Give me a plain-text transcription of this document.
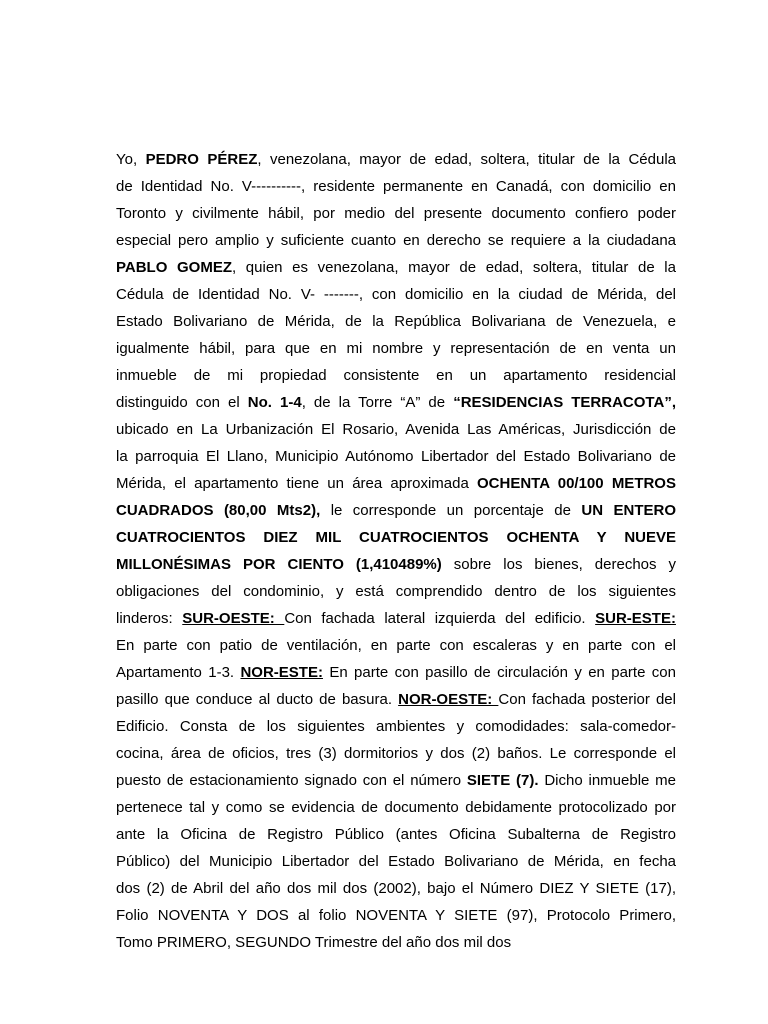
Yo, PEDRO PÉREZ, venezolana, mayor de edad, soltera, titular de la Cédula
de Identidad No. V----------, residente permanente en Canadá, con domicilio en
Toronto y civilmente hábil, por medio del presente documento confiero poder
especial pero amplio y suficiente cuanto en derecho se requiere a la ciudadana
PABLO GOMEZ, quien es venezolana, mayor de edad, soltera, titular de la
Cédula de Identidad No. V- -------, con domicilio en la ciudad de Mérida, del
Estado Bolivariano de Mérida, de la República Bolivariana de Venezuela, e
igualmente hábil, para que en mi nombre y representación de en venta un
inmueble de mi propiedad consistente en un apartamento residencial
distinguido con el No. 1-4, de la Torre “A” de “RESIDENCIAS TERRACOTA”,
ubicado en La Urbanización El Rosario, Avenida Las Américas, Jurisdicción de
la parroquia El Llano, Municipio Autónomo Libertador del Estado Bolivariano de
Mérida, el apartamento tiene un área aproximada OCHENTA 00/100 METROS
CUADRADOS (80,00 Mts2), le corresponde un porcentaje de UN ENTERO
CUATROCIENTOS DIEZ MIL CUATROCIENTOS OCHENTA Y NUEVE
MILLONÉSIMAS POR CIENTO (1,410489%) sobre los bienes, derechos y
obligaciones del condominio, y está comprendido dentro de los siguientes
linderos: SUR-OESTE: Con fachada lateral izquierda del edificio. SUR-ESTE:
En parte con patio de ventilación, en parte con escaleras y en parte con el
Apartamento 1-3. NOR-ESTE: En parte con pasillo de circulación y en parte con
pasillo que conduce al ducto de basura. NOR-OESTE: Con fachada posterior del
Edificio. Consta de los siguientes ambientes y comodidades: sala-comedor-
cocina, área de oficios, tres (3) dormitorios y dos (2) baños. Le corresponde el
puesto de estacionamiento signado con el número SIETE (7). Dicho inmueble me
pertenece tal y como se evidencia de documento debidamente protocolizado por
ante la Oficina de Registro Público (antes Oficina Subalterna de Registro
Público) del Municipio Libertador del Estado Bolivariano de Mérida, en fecha
dos (2) de Abril del año dos mil dos (2002), bajo el Número DIEZ Y SIETE (17),
Folio NOVENTA Y DOS al folio NOVENTA Y SIETE (97), Protocolo Primero,
Tomo PRIMERO, SEGUNDO Trimestre del año dos mil dos
